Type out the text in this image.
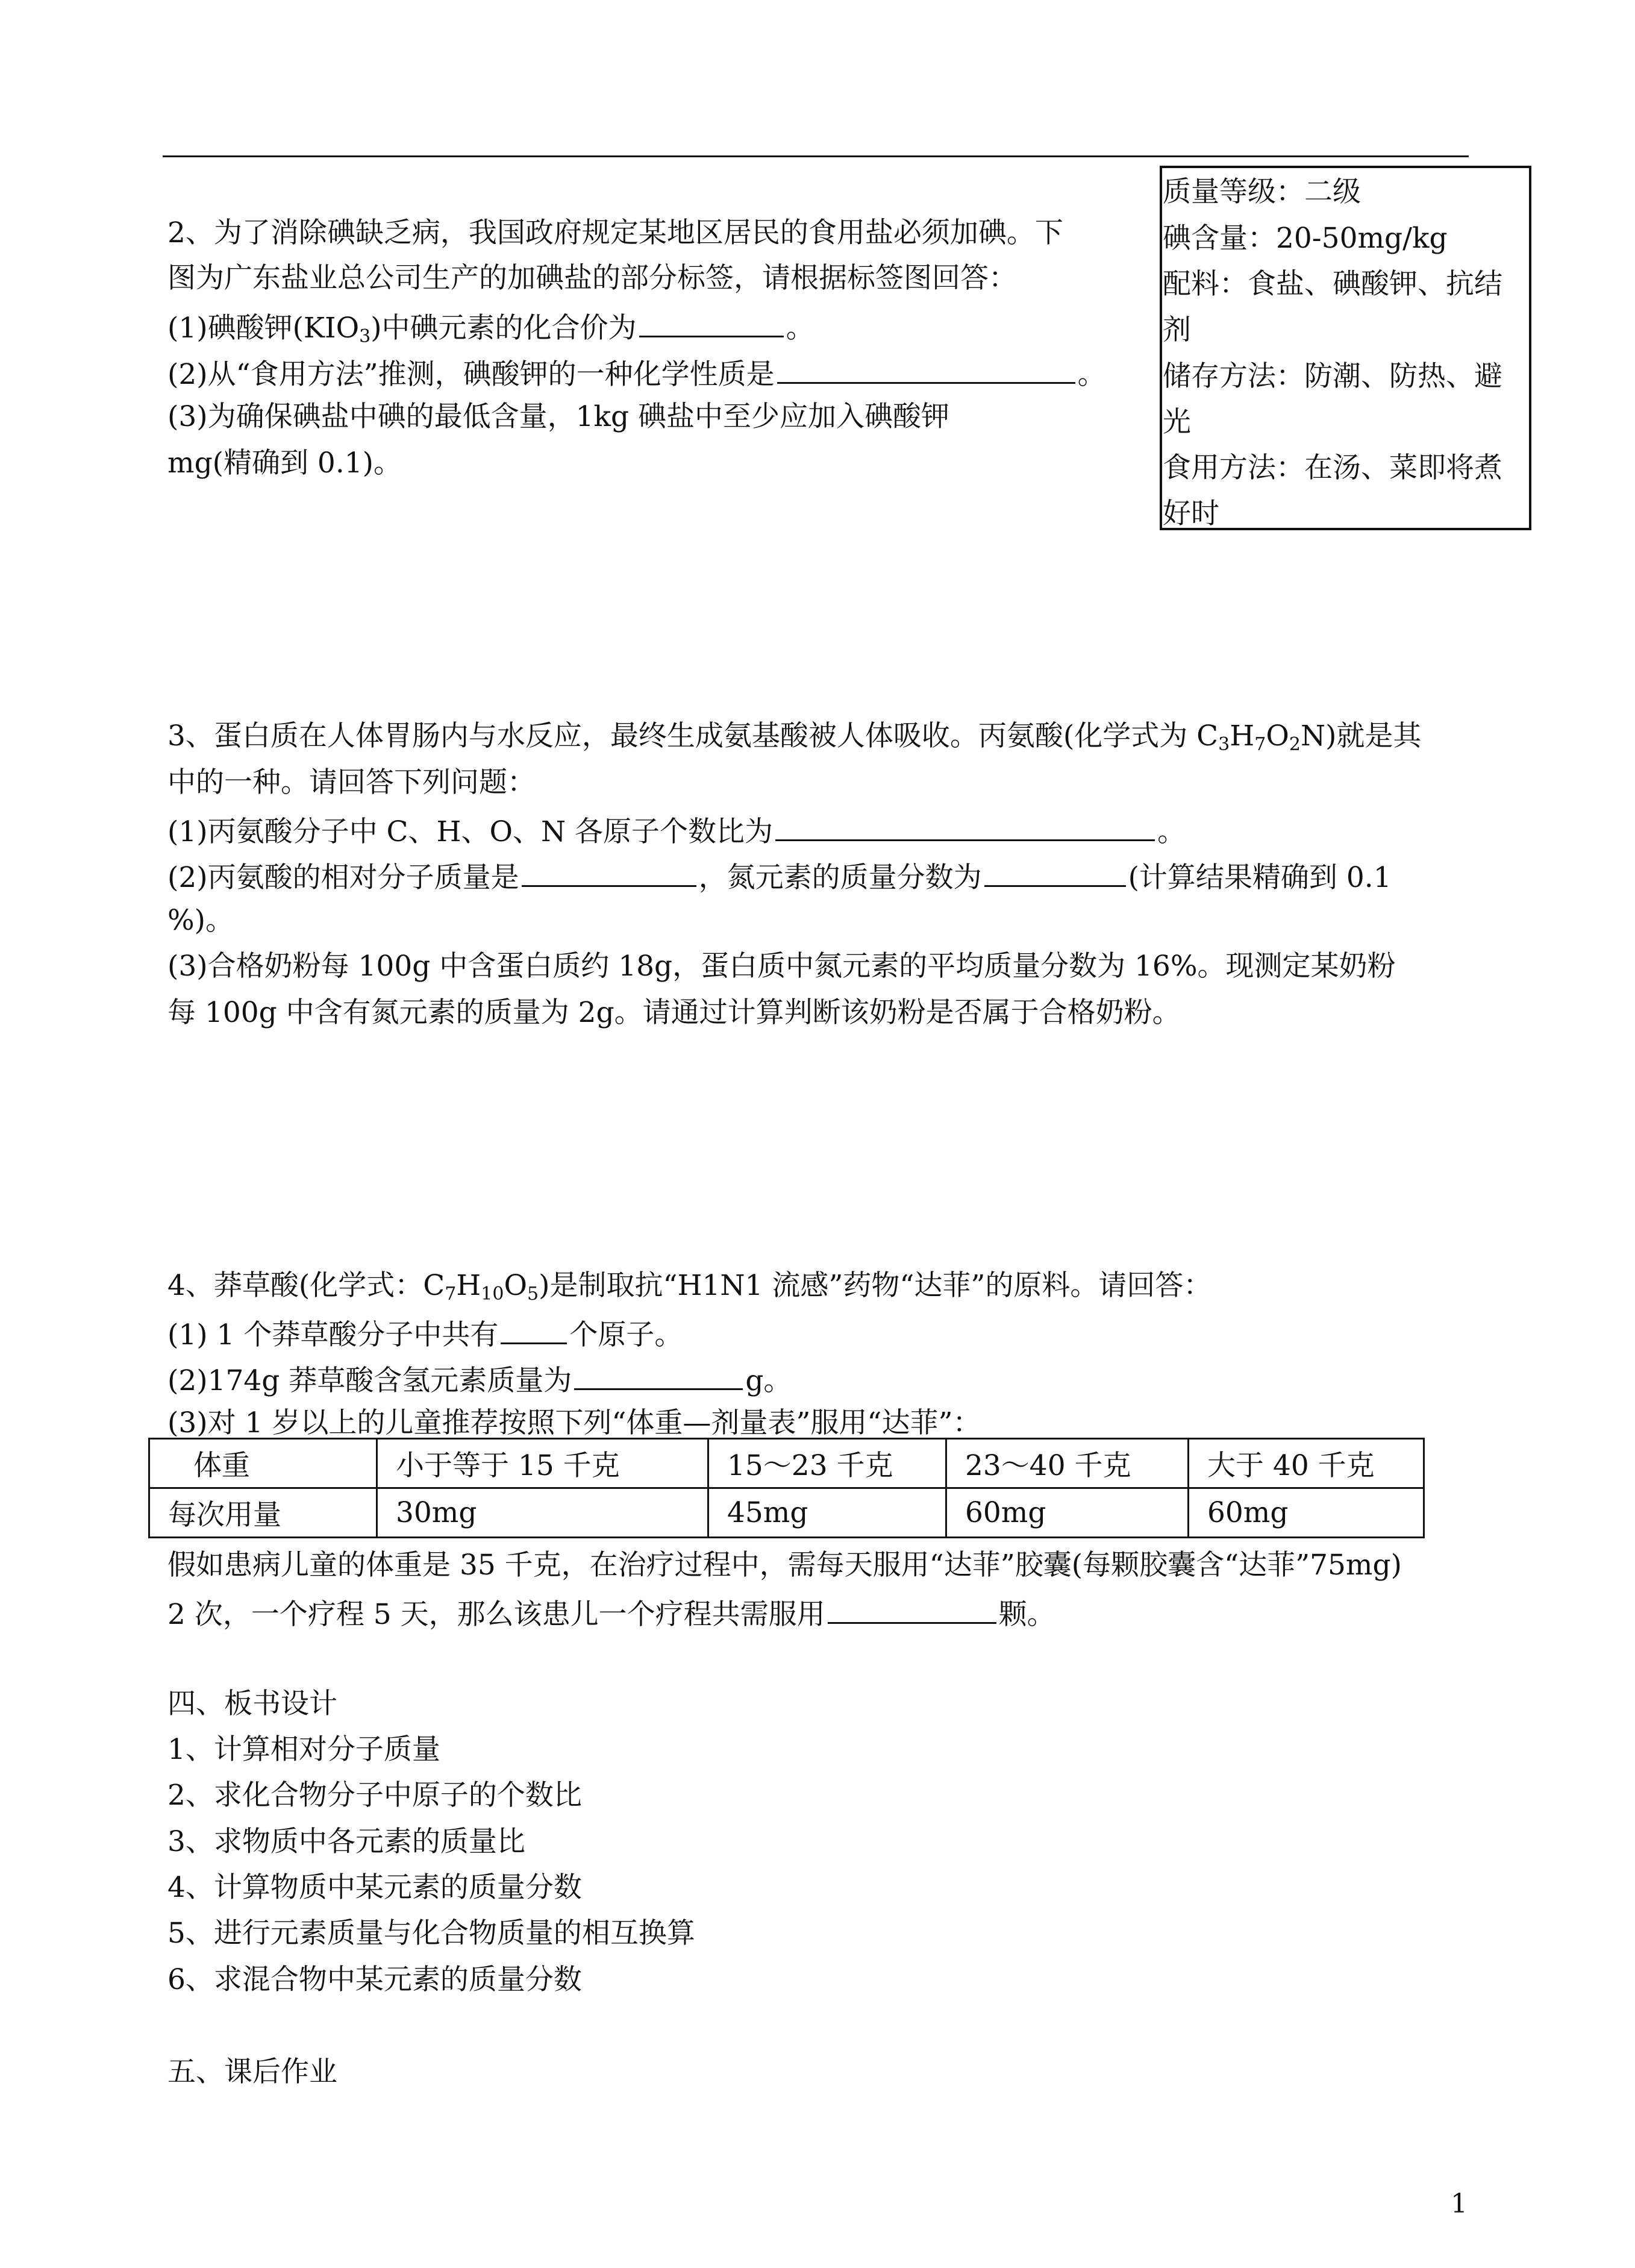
2、为了消除碘缺乏病，我国政府规定某地区居民的食用盐必须加碘。下
图为广东盐业总公司生产的加碘盐的部分标签，请根据标签图回答：
(1)碘酸钾$(KIO_3)$中碘元素的化合价为	。
(2)从“食用方法”推测，碘酸钾的一种化学性质是	。
(3)为确保碘盐中碘的最低含量，1kg 碘盐中至少应加入碘酸钾
mg(精确到 0.1)。
质量等级：二级
碘含量：20-50mg/kg
配料：食盐、碘酸钾、抗结
剂
储存方法：防潮、防热、避
光
食用方法：在汤、菜即将煮
好时
3、蛋白质在人体胃肠内与水反应，最终生成氨基酸被人体吸收。丙氨酸(化学式为 $C_3H_7O_2N$)就是其
中的一种。请回答下列问题：
(1)丙氨酸分子中 C、H、O、N 各原子个数比为	。
(2)丙氨酸的相对分子质量是	，氮元素的质量分数为	(计算结果精确到 0.1
%)。
(3)合格奶粉每 100g 中含蛋白质约 18g，蛋白质中氮元素的平均质量分数为 16%。现测定某奶粉
每 100g 中含有氮元素的质量为 2g。请通过计算判断该奶粉是否属于合格奶粉。
4、莽草酸(化学式：$C_7H_{10}O_5$)是制取抗“H1N1 流感”药物“达菲”的原料。请回答：
(1) 1 个莽草酸分子中共有	个原子。
(2)174g 莽草酸含氢元素质量为	g。
(3)对 1 岁以上的儿童推荐按照下列“体重—剂量表”服用“达菲”：
体重	小于等于 15 千克	15～23 千克	23～40 千克	大于 40 千克
每次用量	30mg	45mg	60mg	60mg
假如患病儿童的体重是 35 千克，在治疗过程中，需每天服用“达菲”胶囊(每颗胶囊含“达菲”75mg)
2 次，一个疗程 5 天，那么该患儿一个疗程共需服用	颗。
四、板书设计
1、计算相对分子质量
2、求化合物分子中原子的个数比
3、求物质中各元素的质量比
4、计算物质中某元素的质量分数
5、进行元素质量与化合物质量的相互换算
6、求混合物中某元素的质量分数
五、课后作业
1
